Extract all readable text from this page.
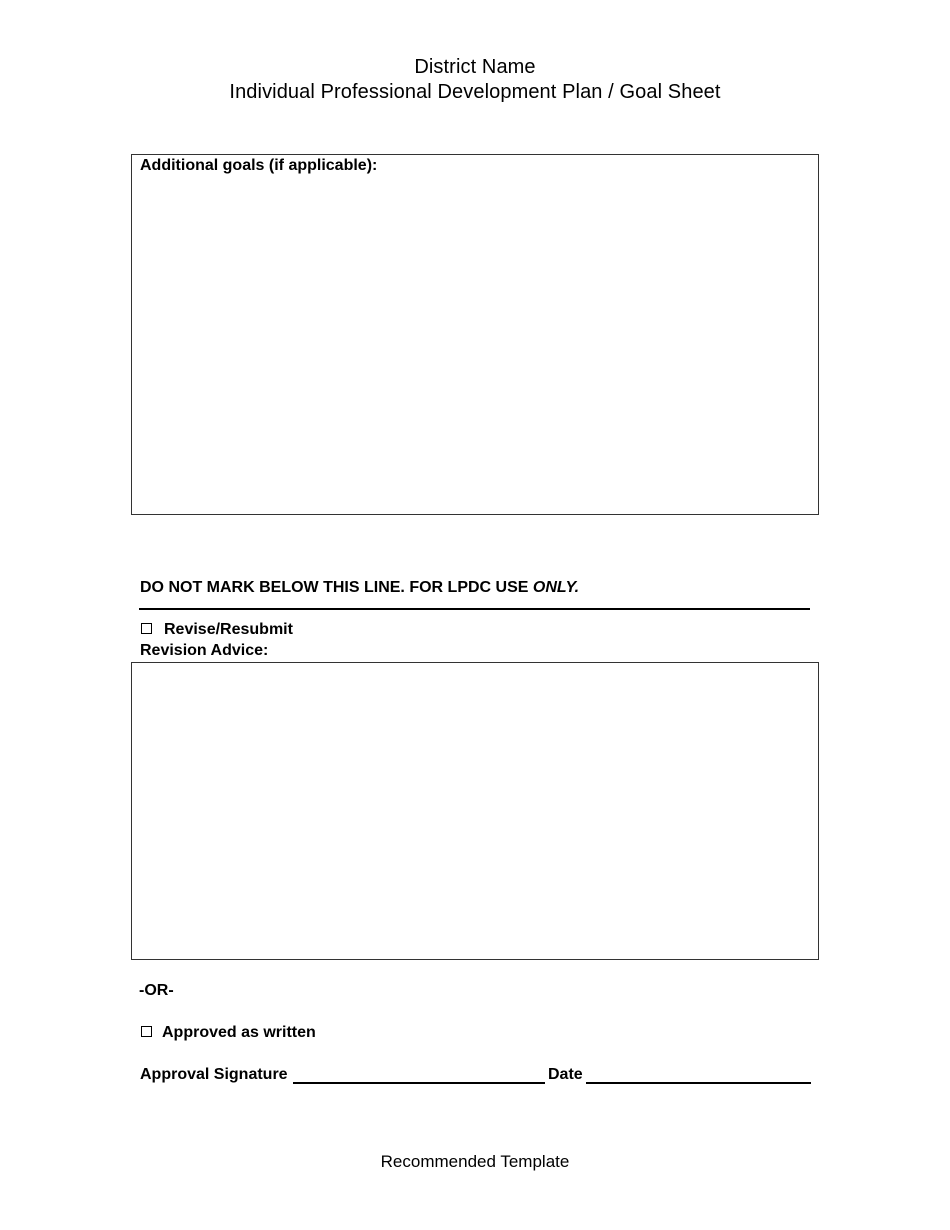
District Name
Individual Professional Development Plan / Goal Sheet
Additional goals (if applicable):
DO NOT MARK BELOW THIS LINE. FOR LPDC USE ONLY.
Revise/Resubmit
Revision Advice:
-OR-
Approved as written
Approval Signature	Date
Recommended Template
